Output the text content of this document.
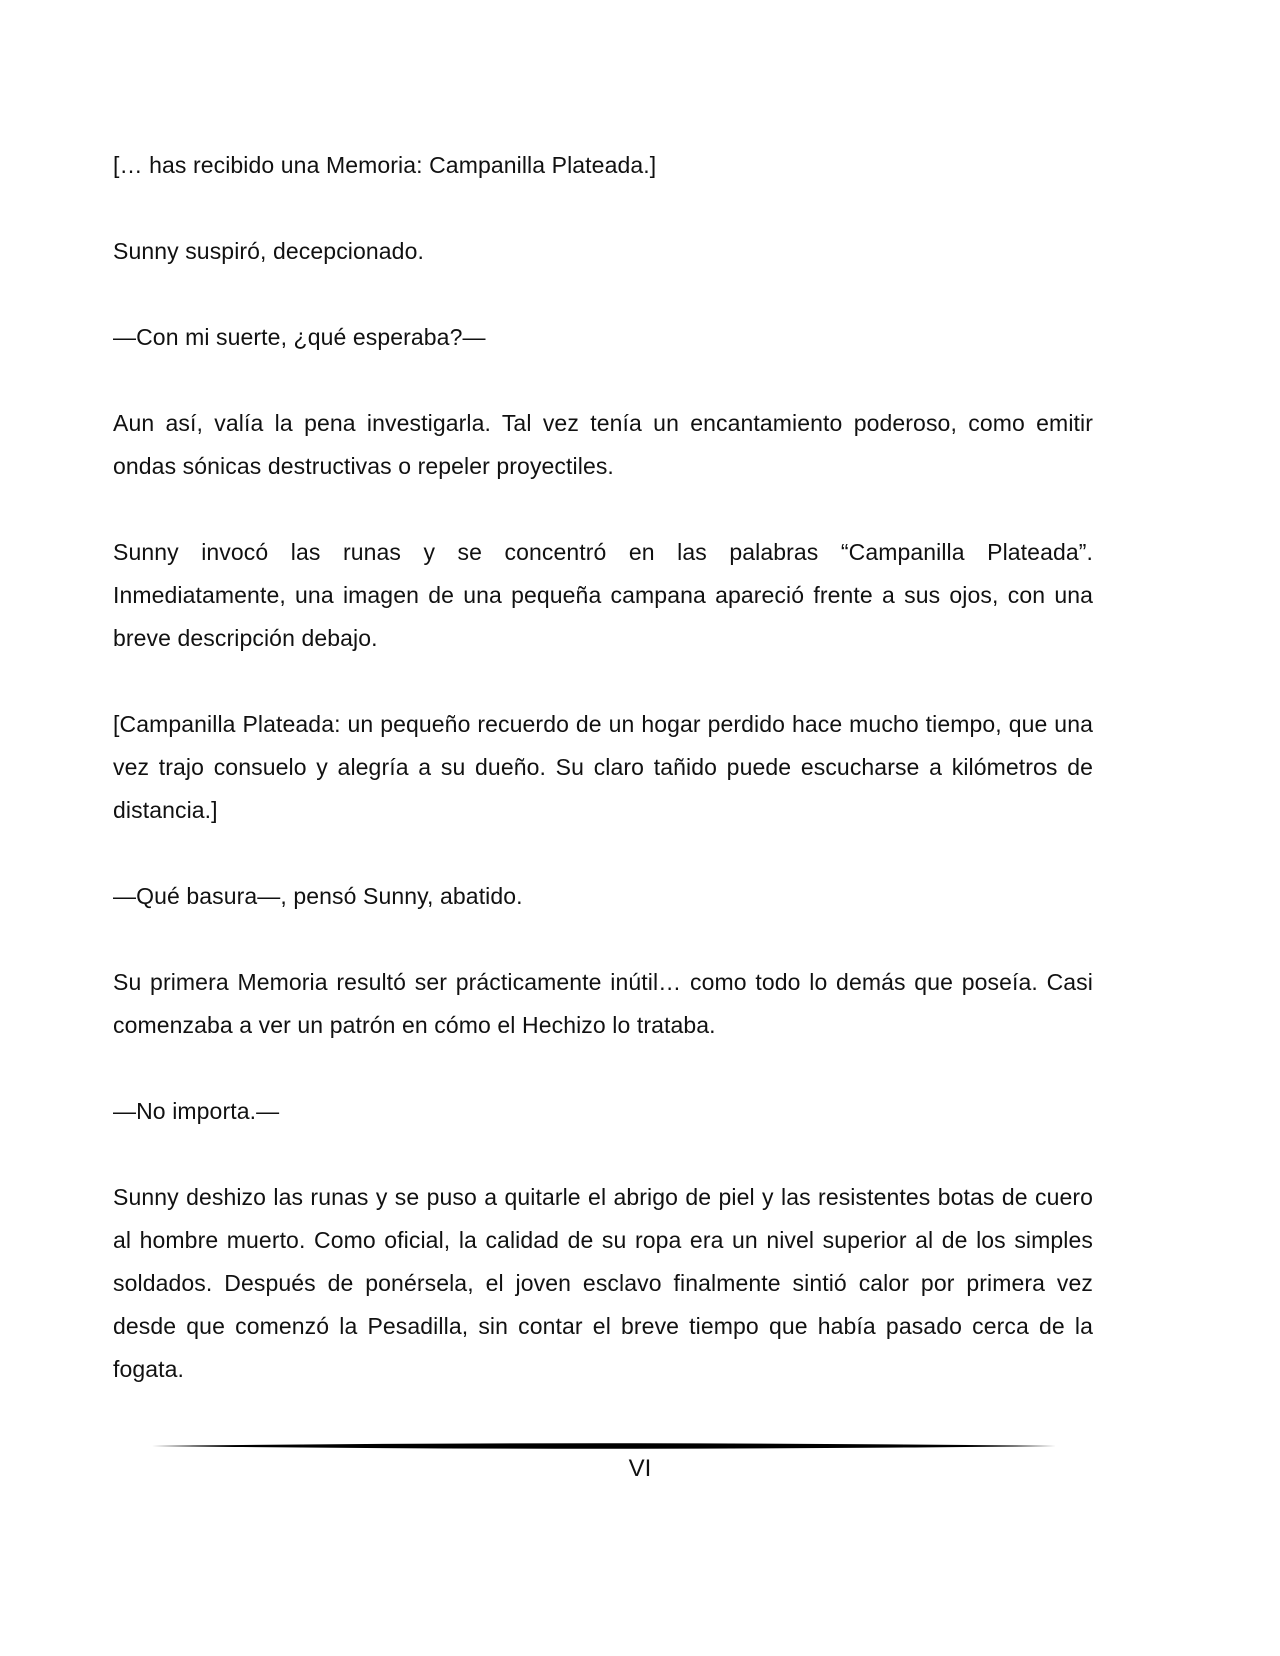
[… has recibido una Memoria: Campanilla Plateada.]

Sunny suspiró, decepcionado.

—Con mi suerte, ¿qué esperaba?—

Aun así, valía la pena investigarla. Tal vez tenía un encantamiento poderoso, como emitir ondas sónicas destructivas o repeler proyectiles.

Sunny invocó las runas y se concentró en las palabras “Campanilla Plateada”. Inmediatamente, una imagen de una pequeña campana apareció frente a sus ojos, con una breve descripción debajo.

[Campanilla Plateada: un pequeño recuerdo de un hogar perdido hace mucho tiempo, que una vez trajo consuelo y alegría a su dueño. Su claro tañido puede escucharse a kilómetros de distancia.]

—Qué basura—, pensó Sunny, abatido.

Su primera Memoria resultó ser prácticamente inútil… como todo lo demás que poseía. Casi comenzaba a ver un patrón en cómo el Hechizo lo trataba.

—No importa.—

Sunny deshizo las runas y se puso a quitarle el abrigo de piel y las resistentes botas de cuero al hombre muerto. Como oficial, la calidad de su ropa era un nivel superior al de los simples soldados. Después de ponérsela, el joven esclavo finalmente sintió calor por primera vez desde que comenzó la Pesadilla, sin contar el breve tiempo que había pasado cerca de la fogata.

VI
